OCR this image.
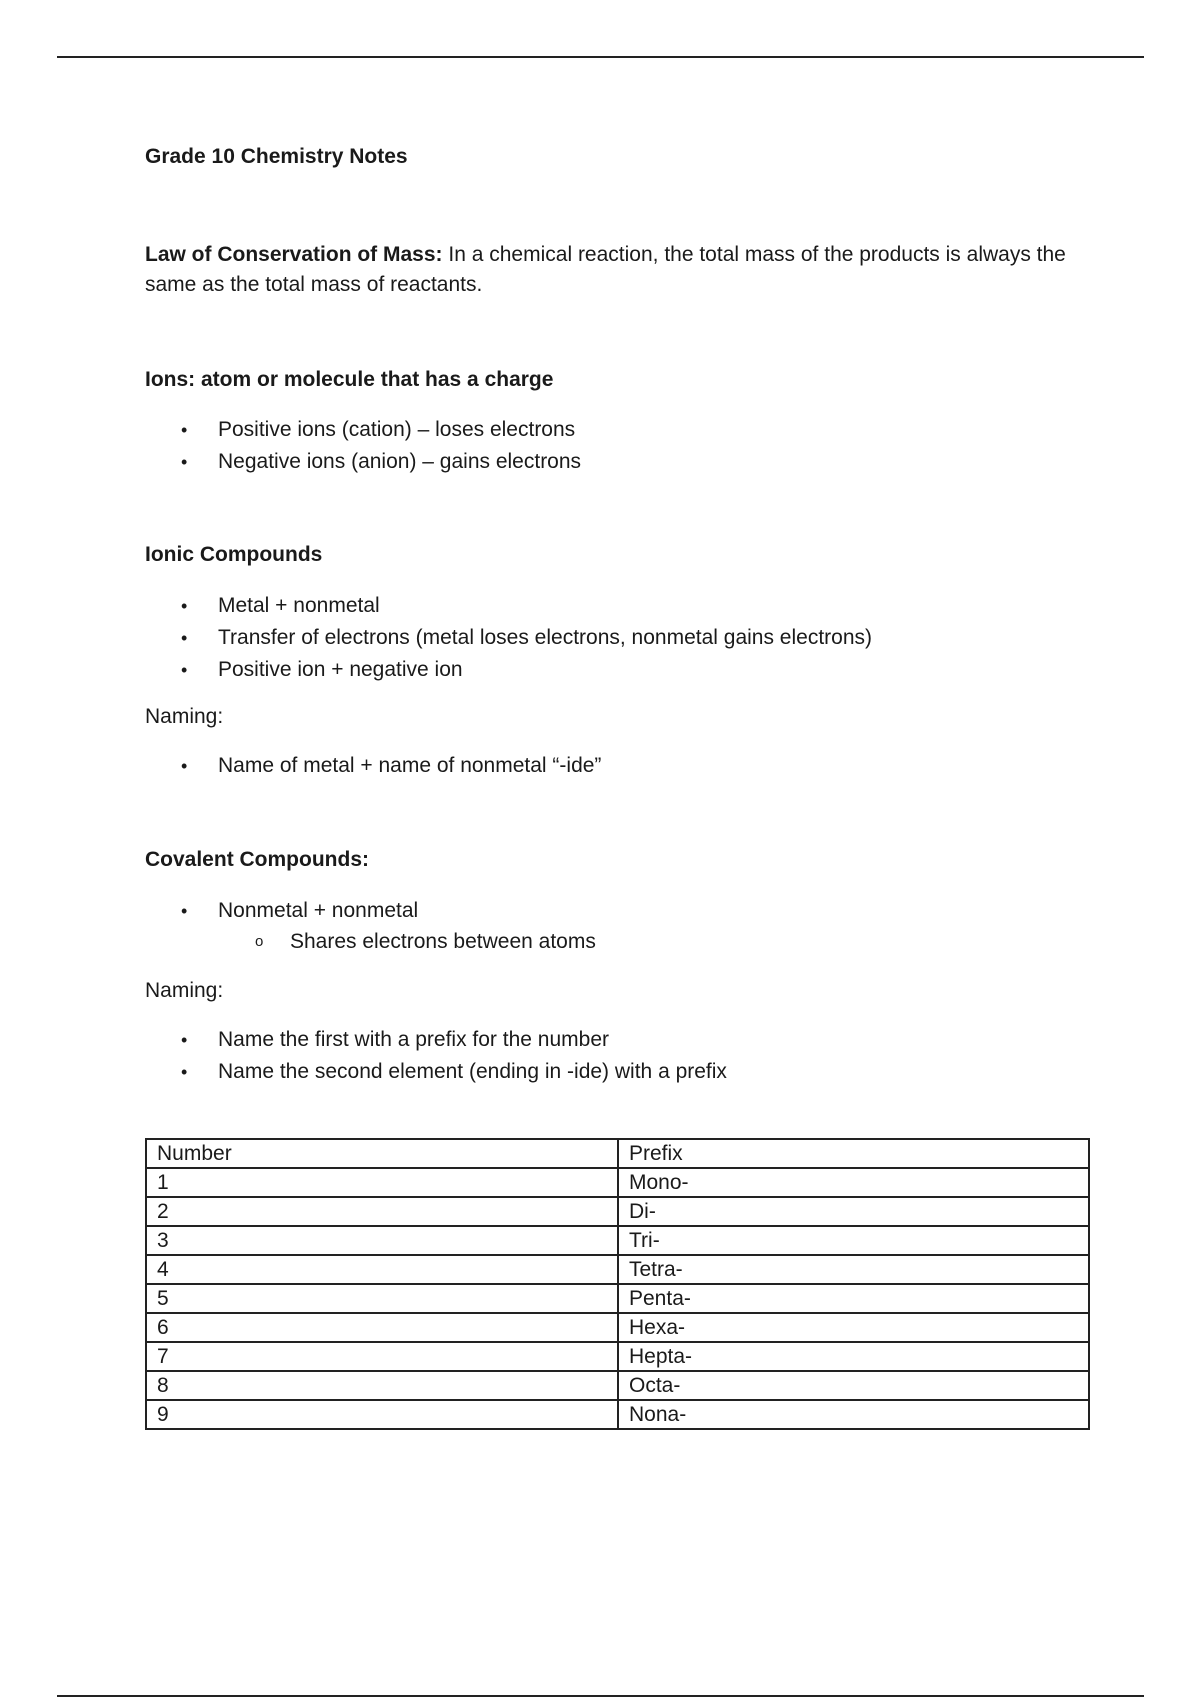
Grade 10 Chemistry Notes

Law of Conservation of Mass: In a chemical reaction, the total mass of the products is always the same as the total mass of reactants.

Ions: atom or molecule that has a charge
• Positive ions (cation) – loses electrons
• Negative ions (anion) – gains electrons
Ionic Compounds
• Metal + nonmetal
• Transfer of electrons (metal loses electrons, nonmetal gains electrons)
• Positive ion + negative ion

Naming:

• Name of metal + name of nonmetal “-ide”
Covalent Compounds:
• Nonmetal + nonmetal
o Shares electrons between atoms

Naming:

• Name the first with a prefix for the number
• Name the second element (ending in -ide) with a prefix
Number	Prefix
1	Mono-
2	Di-
3	Tri-
4	Tetra-
5	Penta-
6	Hexa-
7	Hepta-
8	Octa-
9	Nona-
